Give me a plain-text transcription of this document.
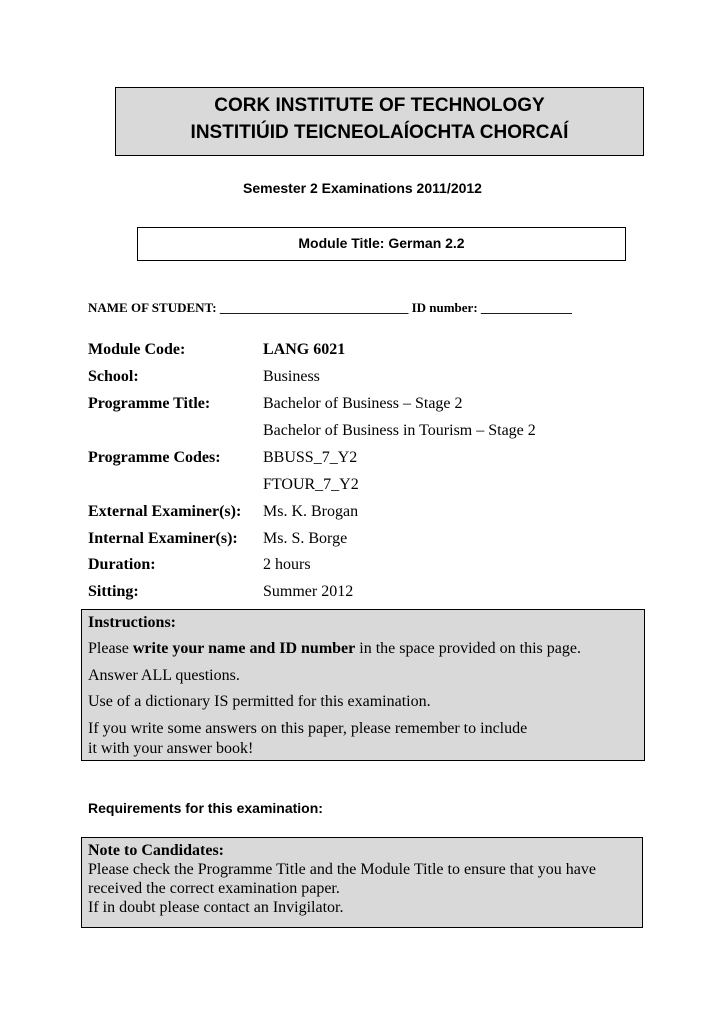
CORK INSTITUTE OF TECHNOLOGY
INSTITIÚID TEICNEOLAÍOCHTA CHORCAÍ
Semester 2 Examinations 2011/2012
Module Title: German 2.2
NAME OF STUDENT: _____________________________ ID number: ______________
Module Code:	LANG 6021
School:	Business
Programme Title:	Bachelor of Business – Stage 2
Bachelor of Business in Tourism – Stage 2
Programme Codes:	BBUSS_7_Y2
FTOUR_7_Y2
External Examiner(s): Ms. K. Brogan
Internal Examiner(s): Ms. S. Borge
Duration:	2 hours
Sitting:	Summer 2012
Instructions:
Please write your name and ID number in the space provided on this page.
Answer ALL questions.
Use of a dictionary IS permitted for this examination.
If you write some answers on this paper, please remember to include
it with your answer book!
Requirements for this examination:
Note to Candidates:
Please check the Programme Title and the Module Title to ensure that you have
received the correct examination paper.
If in doubt please contact an Invigilator.
